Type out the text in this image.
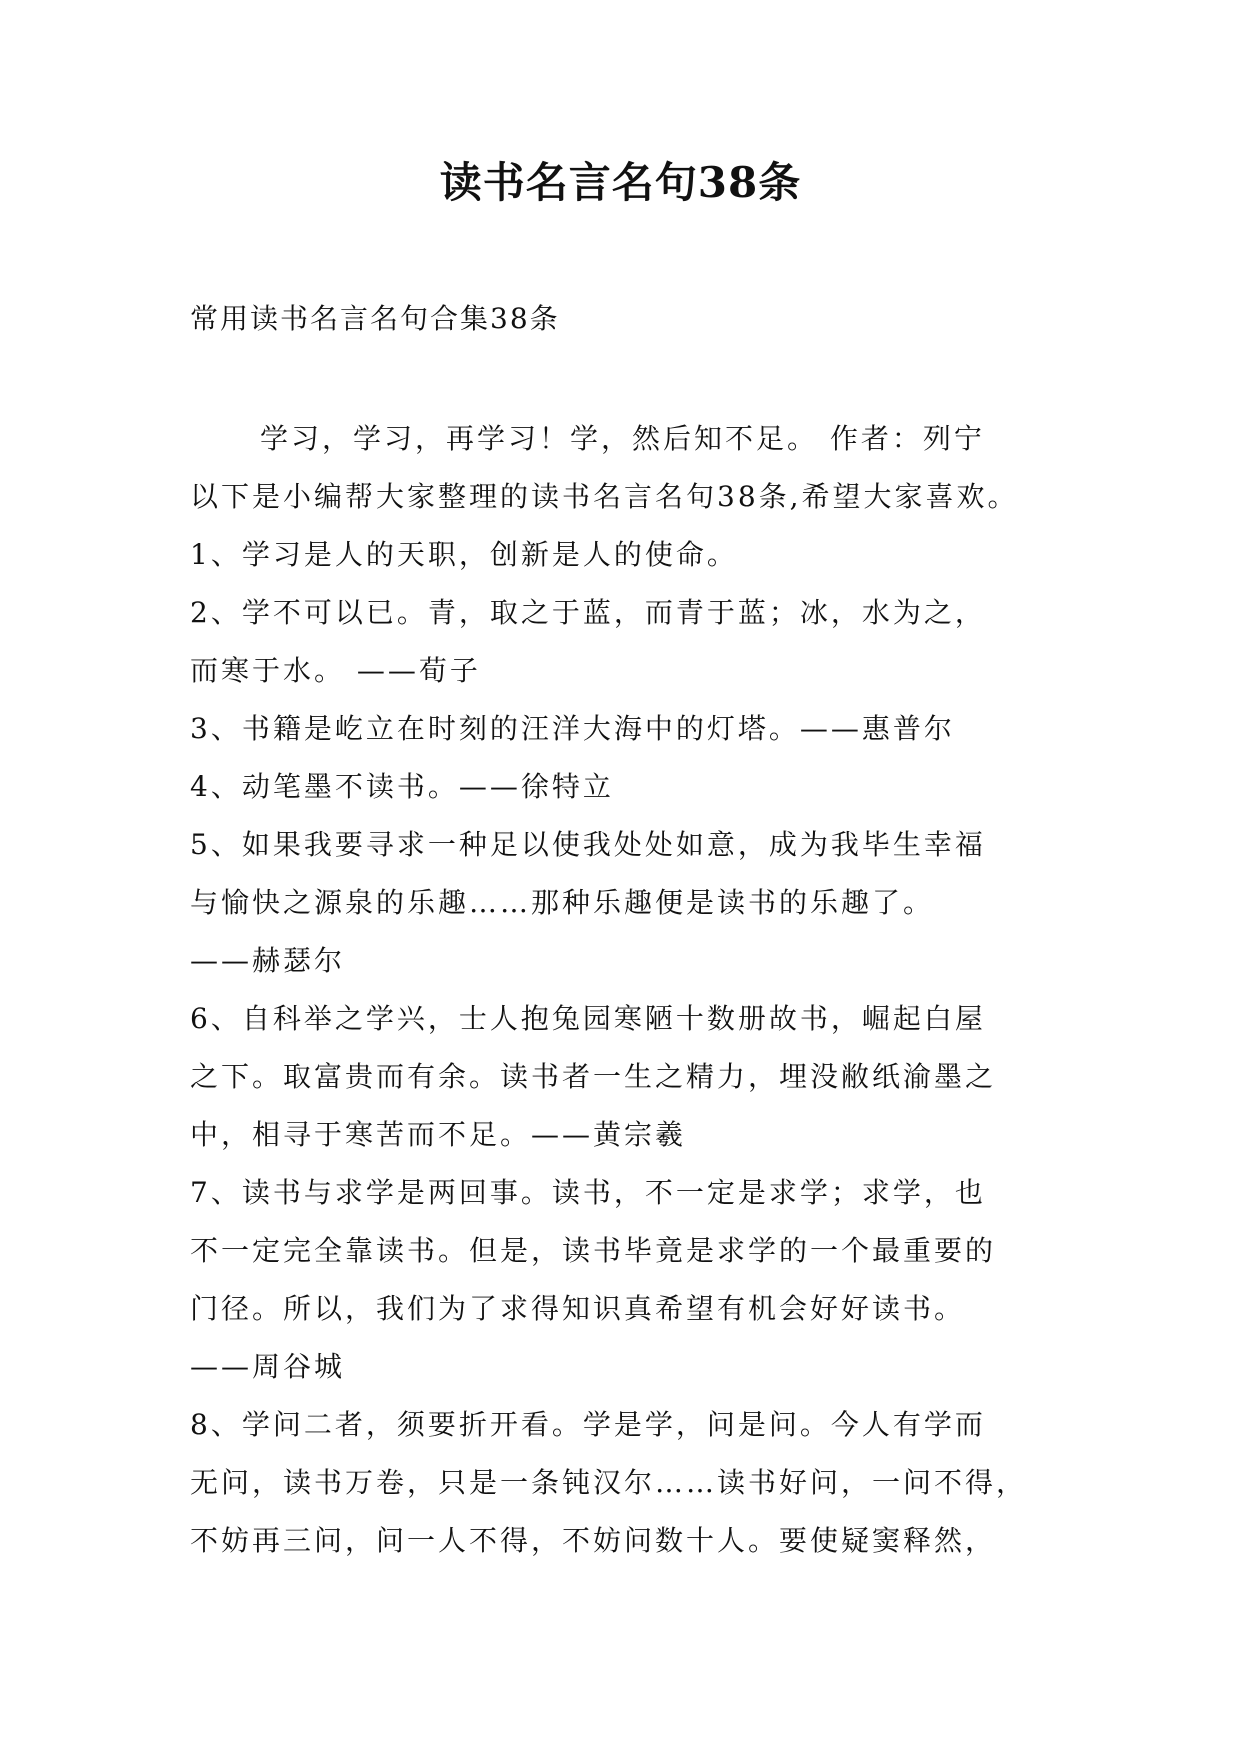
读书名言名句38条
常用读书名言名句合集38条
学习，学习，再学习！学，然后知不足。 作者：列宁
以下是小编帮大家整理的读书名言名句38条,希望大家喜欢。
1、学习是人的天职，创新是人的使命。
2、学不可以已。青，取之于蓝，而青于蓝；冰，水为之，
而寒于水。 ——荀子
3、书籍是屹立在时刻的汪洋大海中的灯塔。——惠普尔
4、动笔墨不读书。——徐特立
5、如果我要寻求一种足以使我处处如意，成为我毕生幸福
与愉快之源泉的乐趣……那种乐趣便是读书的乐趣了。
——赫瑟尔
6、自科举之学兴，士人抱兔园寒陋十数册故书，崛起白屋
之下。取富贵而有余。读书者一生之精力，埋没敝纸渝墨之
中，相寻于寒苦而不足。——黄宗羲
7、读书与求学是两回事。读书，不一定是求学；求学，也
不一定完全靠读书。但是，读书毕竟是求学的一个最重要的
门径。所以，我们为了求得知识真希望有机会好好读书。
——周谷城
8、学问二者，须要折开看。学是学，问是问。今人有学而
无问，读书万卷，只是一条钝汉尔……读书好问，一问不得，
不妨再三问，问一人不得，不妨问数十人。要使疑窦释然，
